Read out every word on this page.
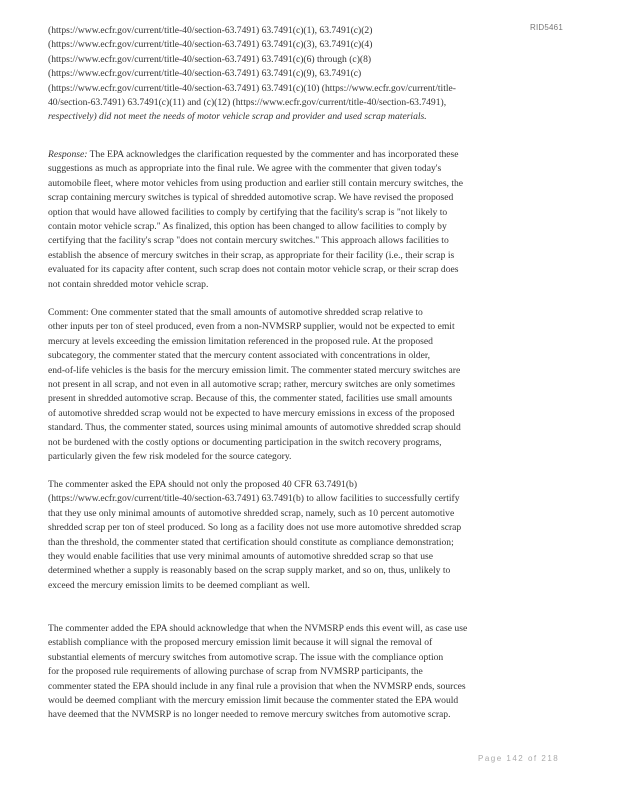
RID5461
(https://www.ecfr.gov/current/title-40/section-63.7491) 63.7491(c)(1), 63.7491(c)(2)
(https://www.ecfr.gov/current/title-40/section-63.7491) 63.7491(c)(3), 63.7491(c)(4)
(https://www.ecfr.gov/current/title-40/section-63.7491) 63.7491(c)(6) through (c)(8)
(https://www.ecfr.gov/current/title-40/section-63.7491) 63.7491(c)(9), 63.7491(c)
(https://www.ecfr.gov/current/title-40/section-63.7491) 63.7491(c)(10) (https://www.ecfr.gov/current/title-
40/section-63.7491) 63.7491(c)(11) and (c)(12) (https://www.ecfr.gov/current/title-40/section-63.7491),
respectively) did not meet the needs of motor vehicle scrap and provider and used scrap materials.
Response: The EPA acknowledges the clarification requested by the commenter and has incorporated these
suggestions as much as appropriate into the final rule. We agree with the commenter that given today's
automobile fleet, where motor vehicles from using production and earlier still contain mercury switches, the
scrap containing mercury switches is typical of shredded automotive scrap. We have revised the proposed
option that would have allowed facilities to comply by certifying that the facility's scrap is "not likely to
contain motor vehicle scrap." As finalized, this option has been changed to allow facilities to comply by
certifying that the facility's scrap "does not contain mercury switches." This approach allows facilities to
establish the absence of mercury switches in their scrap, as appropriate for their facility (i.e., their scrap is
evaluated for its capacity after content, such scrap does not contain motor vehicle scrap, or their scrap does
not contain shredded motor vehicle scrap.
Comment: One commenter stated that the small amounts of automotive shredded scrap relative to
other inputs per ton of steel produced, even from a non-NVMSRP supplier, would not be expected to emit
mercury at levels exceeding the emission limitation referenced in the proposed rule. At the proposed
subcategory, the commenter stated that the mercury content associated with concentrations in older,
end-of-life vehicles is the basis for the mercury emission limit. The commenter stated mercury switches are
not present in all scrap, and not even in all automotive scrap; rather, mercury switches are only sometimes
present in shredded automotive scrap. Because of this, the commenter stated, facilities use small amounts
of automotive shredded scrap would not be expected to have mercury emissions in excess of the proposed
standard. Thus, the commenter stated, sources using minimal amounts of automotive shredded scrap should
not be burdened with the costly options or documenting participation in the switch recovery programs,
particularly given the few risk modeled for the source category.
The commenter asked the EPA should not only the proposed 40 CFR 63.7491(b)
(https://www.ecfr.gov/current/title-40/section-63.7491) 63.7491(b) to allow facilities to successfully certify
that they use only minimal amounts of automotive shredded scrap, namely, such as 10 percent automotive
shredded scrap per ton of steel produced. So long as a facility does not use more automotive shredded scrap
than the threshold, the commenter stated that certification should constitute as compliance demonstration;
they would enable facilities that use very minimal amounts of automotive shredded scrap so that use
determined whether a supply is reasonably based on the scrap supply market, and so on, thus, unlikely to
exceed the mercury emission limits to be deemed compliant as well.
The commenter added the EPA should acknowledge that when the NVMSRP ends this event will, as case use
establish compliance with the proposed mercury emission limit because it will signal the removal of
substantial elements of mercury switches from automotive scrap. The issue with the compliance option
for the proposed rule requirements of allowing purchase of scrap from NVMSRP participants, the
commenter stated the EPA should include in any final rule a provision that when the NVMSRP ends, sources
would be deemed compliant with the mercury emission limit because the commenter stated the EPA would
have deemed that the NVMSRP is no longer needed to remove mercury switches from automotive scrap.
Page 142 of 218
